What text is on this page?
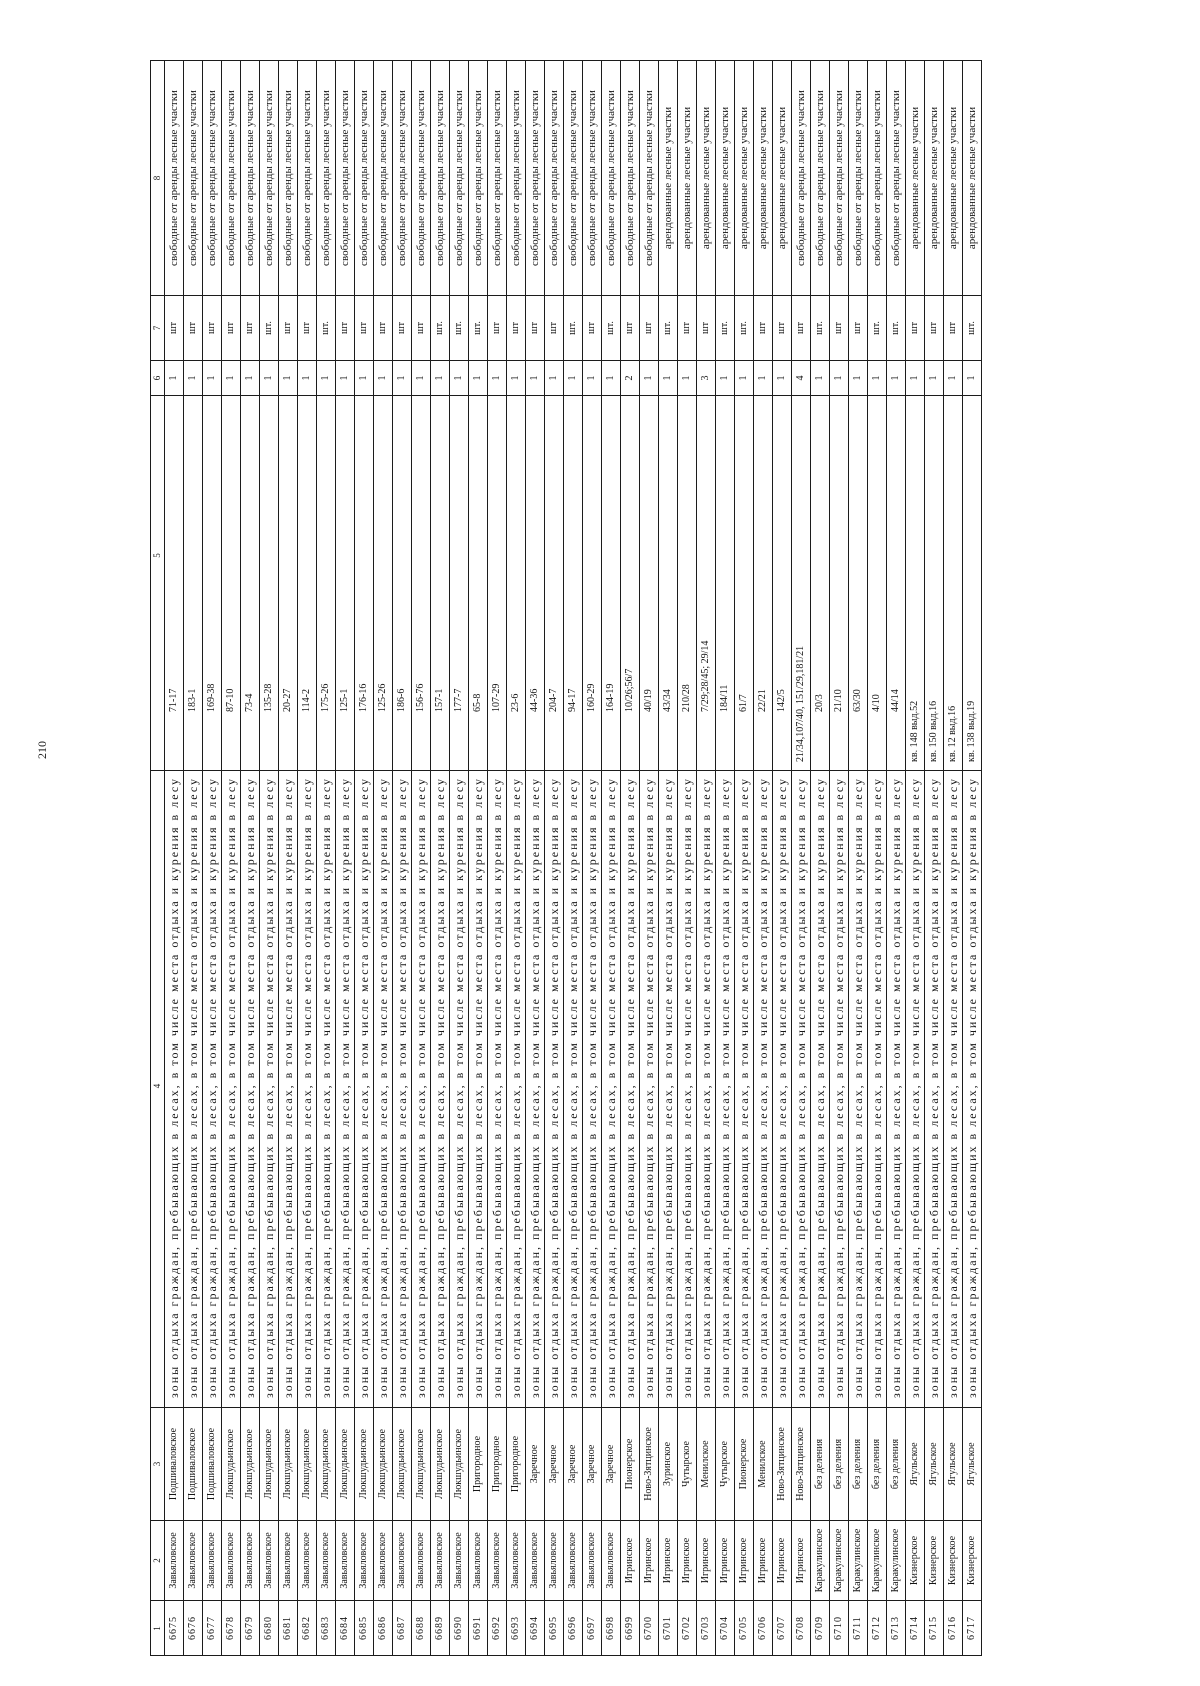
210
1
2
3
4
5
6
7
8
6675
Завьяловское
Подшиваловское
зоны отдыха граждан, пребывающих в лесах, в том числе места отдыха и курения в лесу
71-17
1
шт
свободные от аренды лесные участки
6676
Завьяловское
Подшиваловское
зоны отдыха граждан, пребывающих в лесах, в том числе места отдыха и курения в лесу
183-1
1
шт
свободные от аренды лесные участки
6677
Завьяловское
Подшиваловское
зоны отдыха граждан, пребывающих в лесах, в том числе места отдыха и курения в лесу
169-38
1
шт
свободные от аренды лесные участки
6678
Завьяловское
Люкшудьинское
зоны отдыха граждан, пребывающих в лесах, в том числе места отдыха и курения в лесу
87-10
1
шт
свободные от аренды лесные участки
6679
Завьяловское
Люкшудьинское
зоны отдыха граждан, пребывающих в лесах, в том числе места отдыха и курения в лесу
73-4
1
шт
свободные от аренды лесные участки
6680
Завьяловское
Люкшудьинское
зоны отдыха граждан, пребывающих в лесах, в том числе места отдыха и курения в лесу
135-28
1
шт.
свободные от аренды лесные участки
6681
Завьяловское
Люкшудьинское
зоны отдыха граждан, пребывающих в лесах, в том числе места отдыха и курения в лесу
20-27
1
шт
свободные от аренды лесные участки
6682
Завьяловское
Люкшудьинское
зоны отдыха граждан, пребывающих в лесах, в том числе места отдыха и курения в лесу
114-2
1
шт
свободные от аренды лесные участки
6683
Завьяловское
Люкшудьинское
зоны отдыха граждан, пребывающих в лесах, в том числе места отдыха и курения в лесу
175-26
1
шт.
свободные от аренды лесные участки
6684
Завьяловское
Люкшудьинское
зоны отдыха граждан, пребывающих в лесах, в том числе места отдыха и курения в лесу
125-1
1
шт
свободные от аренды лесные участки
6685
Завьяловское
Люкшудьинское
зоны отдыха граждан, пребывающих в лесах, в том числе места отдыха и курения в лесу
176-16
1
шт
свободные от аренды лесные участки
6686
Завьяловское
Люкшудьинское
зоны отдыха граждан, пребывающих в лесах, в том числе места отдыха и курения в лесу
125-26
1
шт
свободные от аренды лесные участки
6687
Завьяловское
Люкшудьинское
зоны отдыха граждан, пребывающих в лесах, в том числе места отдыха и курения в лесу
186-6
1
шт
свободные от аренды лесные участки
6688
Завьяловское
Люкшудьинское
зоны отдыха граждан, пребывающих в лесах, в том числе места отдыха и курения в лесу
156-76
1
шт
свободные от аренды лесные участки
6689
Завьяловское
Люкшудьинское
зоны отдыха граждан, пребывающих в лесах, в том числе места отдыха и курения в лесу
157-1
1
шт.
свободные от аренды лесные участки
6690
Завьяловское
Люкшудьинское
зоны отдыха граждан, пребывающих в лесах, в том числе места отдыха и курения в лесу
177-7
1
шт.
свободные от аренды лесные участки
6691
Завьяловское
Пригородное
зоны отдыха граждан, пребывающих в лесах, в том числе места отдыха и курения в лесу
65-8
1
шт.
свободные от аренды лесные участки
6692
Завьяловское
Пригородное
зоны отдыха граждан, пребывающих в лесах, в том числе места отдыха и курения в лесу
107-29
1
шт
свободные от аренды лесные участки
6693
Завьяловское
Пригородное
зоны отдыха граждан, пребывающих в лесах, в том числе места отдыха и курения в лесу
23-6
1
шт
свободные от аренды лесные участки
6694
Завьяловское
Заречное
зоны отдыха граждан, пребывающих в лесах, в том числе места отдыха и курения в лесу
44-36
1
шт
свободные от аренды лесные участки
6695
Завьяловское
Заречное
зоны отдыха граждан, пребывающих в лесах, в том числе места отдыха и курения в лесу
204-7
1
шт
свободные от аренды лесные участки
6696
Завьяловское
Заречное
зоны отдыха граждан, пребывающих в лесах, в том числе места отдыха и курения в лесу
94-17
1
шт.
свободные от аренды лесные участки
6697
Завьяловское
Заречное
зоны отдыха граждан, пребывающих в лесах, в том числе места отдыха и курения в лесу
160-29
1
шт
свободные от аренды лесные участки
6698
Завьяловское
Заречное
зоны отдыха граждан, пребывающих в лесах, в том числе места отдыха и курения в лесу
164-19
1
шт.
свободные от аренды лесные участки
6699
Игринское
Пионерское
зоны отдыха граждан, пребывающих в лесах, в том числе места отдыха и курения в лесу
10/26;56/7
2
шт
свободные от аренды лесные участки
6700
Игринское
Ново-Зятцинское
зоны отдыха граждан, пребывающих в лесах, в том числе места отдыха и курения в лесу
40/19
1
шт
свободные от аренды лесные участки
6701
Игринское
Зуринское
зоны отдыха граждан, пребывающих в лесах, в том числе места отдыха и курения в лесу
43/34
1
шт.
арендованные лесные участки
6702
Игринское
Чутырское
зоны отдыха граждан, пребывающих в лесах, в том числе места отдыха и курения в лесу
210/28
1
шт
арендованные лесные участки
6703
Игринское
Менилское
зоны отдыха граждан, пребывающих в лесах, в том числе места отдыха и курения в лесу
7/29;28/45; 29/14
3
шт
арендованные лесные участки
6704
Игринское
Чутырское
зоны отдыха граждан, пребывающих в лесах, в том числе места отдыха и курения в лесу
184/11
1
шт.
арендованные лесные участки
6705
Игринское
Пионерское
зоны отдыха граждан, пребывающих в лесах, в том числе места отдыха и курения в лесу
61/7
1
шт.
арендованные лесные участки
6706
Игринское
Менилское
зоны отдыха граждан, пребывающих в лесах, в том числе места отдыха и курения в лесу
22/21
1
шт
арендованные лесные участки
6707
Игринское
Ново-Зятцинское
зоны отдыха граждан, пребывающих в лесах, в том числе места отдыха и курения в лесу
142/5
1
шт
арендованные лесные участки
6708
Игринское
Ново-Зятцинское
зоны отдыха граждан, пребывающих в лесах, в том числе места отдыха и курения в лесу
21/34,107/40, 151/29,181/21
4
шт
свободные от аренды лесные участки
6709
Каракулинское
без деления
зоны отдыха граждан, пребывающих в лесах, в том числе места отдыха и курения в лесу
20/3
1
шт.
свободные от аренды лесные участки
6710
Каракулинское
без деления
зоны отдыха граждан, пребывающих в лесах, в том числе места отдыха и курения в лесу
21/10
1
шт
свободные от аренды лесные участки
6711
Каракулинское
без деления
зоны отдыха граждан, пребывающих в лесах, в том числе места отдыха и курения в лесу
63/30
1
шт
свободные от аренды лесные участки
6712
Каракулинское
без деления
зоны отдыха граждан, пребывающих в лесах, в том числе места отдыха и курения в лесу
4/10
1
шт.
свободные от аренды лесные участки
6713
Каракулинское
без деления
зоны отдыха граждан, пребывающих в лесах, в том числе места отдыха и курения в лесу
44/14
1
шт.
свободные от аренды лесные участки
6714
Кизнерское
Ягульское
зоны отдыха граждан, пребывающих в лесах, в том числе места отдыха и курения в лесу
кв. 148 выд.52
1
шт
арендованные лесные участки
6715
Кизнерское
Ягульское
зоны отдыха граждан, пребывающих в лесах, в том числе места отдыха и курения в лесу
кв. 150 выд.16
1
шт
арендованные лесные участки
6716
Кизнерское
Ягульское
зоны отдыха граждан, пребывающих в лесах, в том числе места отдыха и курения в лесу
кв. 12 выд.16
1
шт
арендованные лесные участки
6717
Кизнерское
Ягульское
зоны отдыха граждан, пребывающих в лесах, в том числе места отдыха и курения в лесу
кв. 138 выд.19
1
шт.
арендованные лесные участки
